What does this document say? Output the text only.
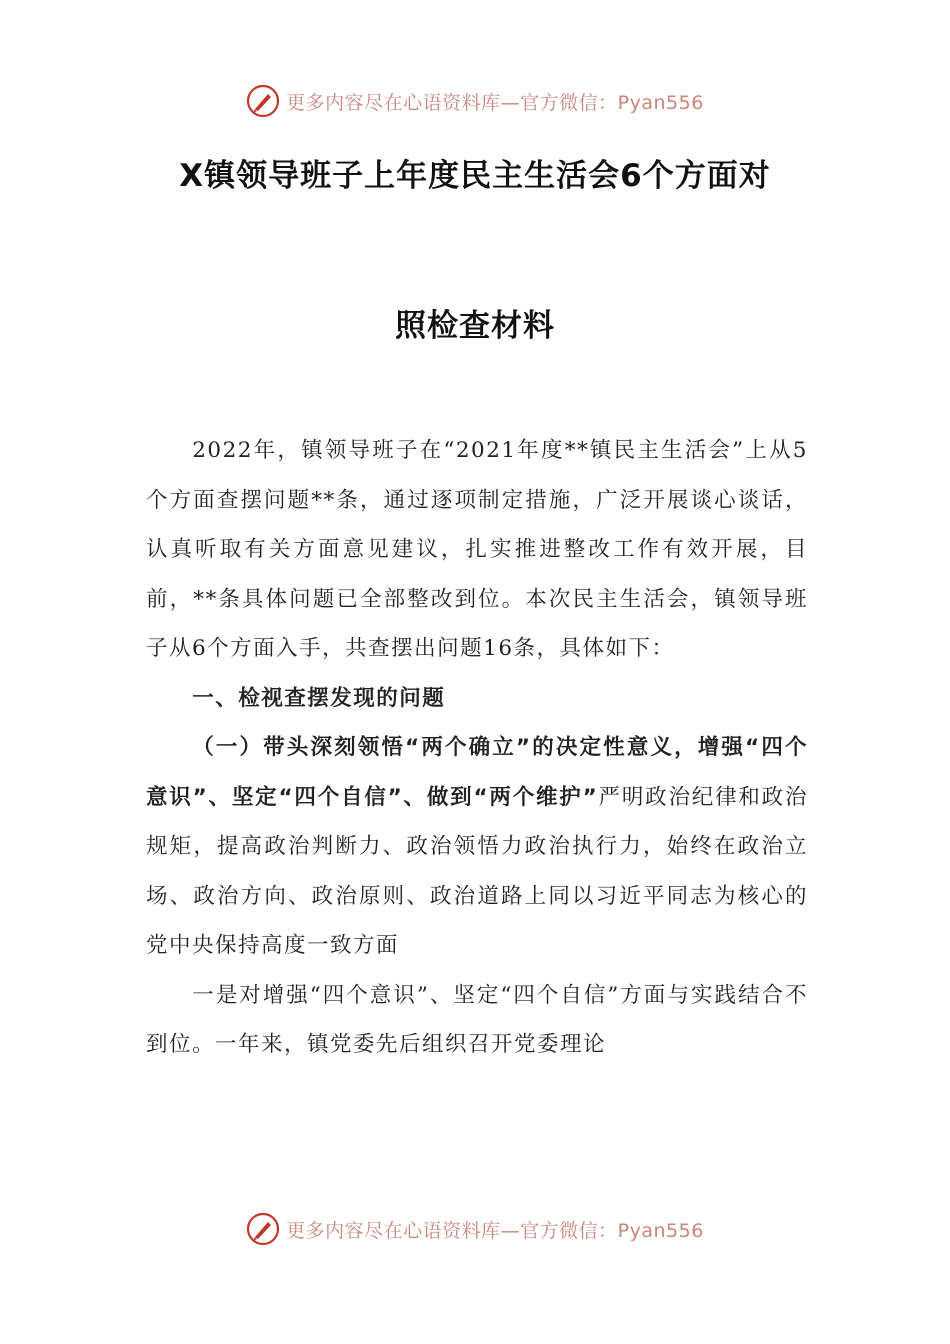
更多内容尽在心语资料库—官方微信：Pyan556
X镇领导班子上年度民主生活会6个方面对
照检查材料

2022年，镇领导班子在“2021年度**镇民主生活会”上从5个方面查摆问题**条，通过逐项制定措施，广泛开展谈心谈话，认真听取有关方面意见建议，扎实推进整改工作有效开展，目前，**条具体问题已全部整改到位。本次民主生活会，镇领导班子从6个方面入手，共查摆出问题16条，具体如下：

一、检视查摆发现的问题

（一）带头深刻领悟“两个确立”的决定性意义，增强“四个意识”、坚定“四个自信”、做到“两个维护”严明政治纪律和政治规矩，提高政治判断力、政治领悟力政治执行力，始终在政治立场、政治方向、政治原则、政治道路上同以习近平同志为核心的党中央保持高度一致方面

一是对增强“四个意识”、坚定“四个自信”方面与实践结合不到位。一年来，镇党委先后组织召开党委理论

更多内容尽在心语资料库—官方微信：Pyan556
